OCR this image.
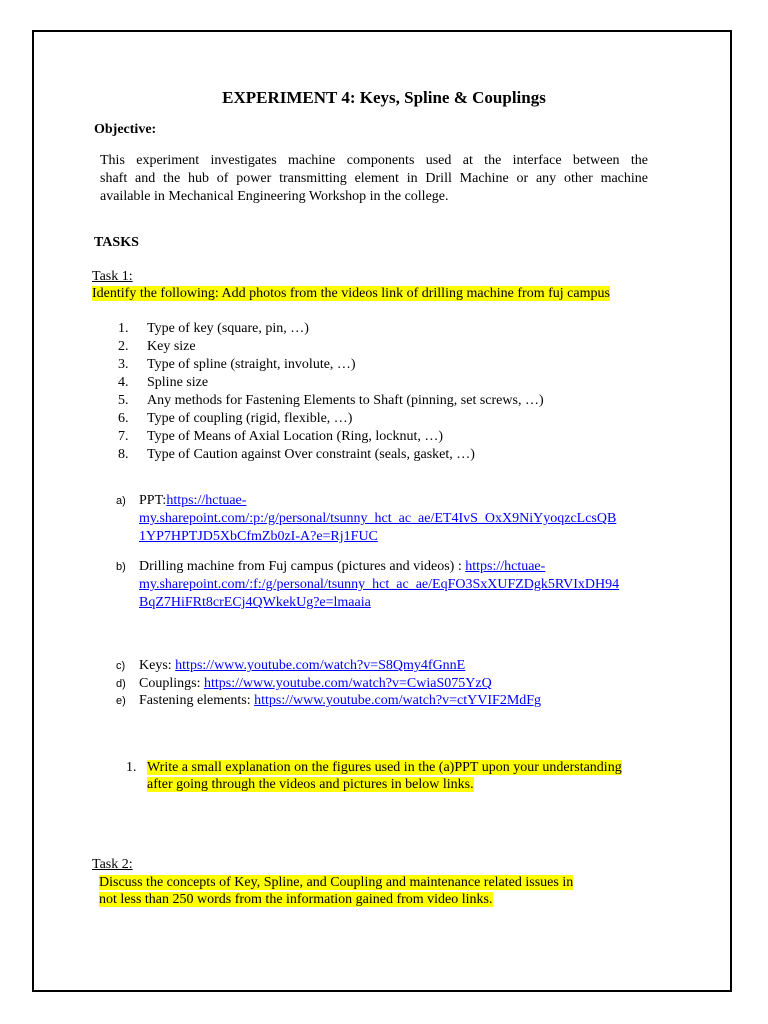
EXPERIMENT 4: Keys, Spline & Couplings
Objective:
This experiment investigates machine components used at the interface between the
shaft and the hub of power transmitting element in Drill Machine or any other machine
available in Mechanical Engineering Workshop in the college.
TASKS
Task 1:
Identify the following: Add photos from the videos link of drilling machine from fuj campus
1.	Type of key (square, pin, …)
2.	Key size
3.	Type of spline (straight, involute, …)
4.	Spline size
5.	Any methods for Fastening Elements to Shaft (pinning, set screws, …)
6.	Type of coupling (rigid, flexible, …)
7.	Type of Means of Axial Location (Ring, locknut, …)
8.	Type of Caution against Over constraint (seals, gasket, …)
a) PPT:https://hctuae-
my.sharepoint.com/:p:/g/personal/tsunny_hct_ac_ae/ET4IvS_OxX9NiYyoqzcLcsQB
1YP7HPTJD5XbCfmZb0zI-A?e=Rj1FUC
b) Drilling machine from Fuj campus (pictures and videos) : https://hctuae-
my.sharepoint.com/:f:/g/personal/tsunny_hct_ac_ae/EqFO3SxXUFZDgk5RVIxDH94
BqZ7HiFRt8crECj4QWkekUg?e=lmaaia
c) Keys: https://www.youtube.com/watch?v=S8Qmy4fGnnE
d) Couplings: https://www.youtube.com/watch?v=CwiaS075YzQ
e) Fastening elements: https://www.youtube.com/watch?v=ctYVIF2MdFg
1. Write a small explanation on the figures used in the (a)PPT upon your understanding
after going through the videos and pictures in below links.
Task 2:
Discuss the concepts of Key, Spline, and Coupling and maintenance related issues in
not less than 250 words from the information gained from video links.
